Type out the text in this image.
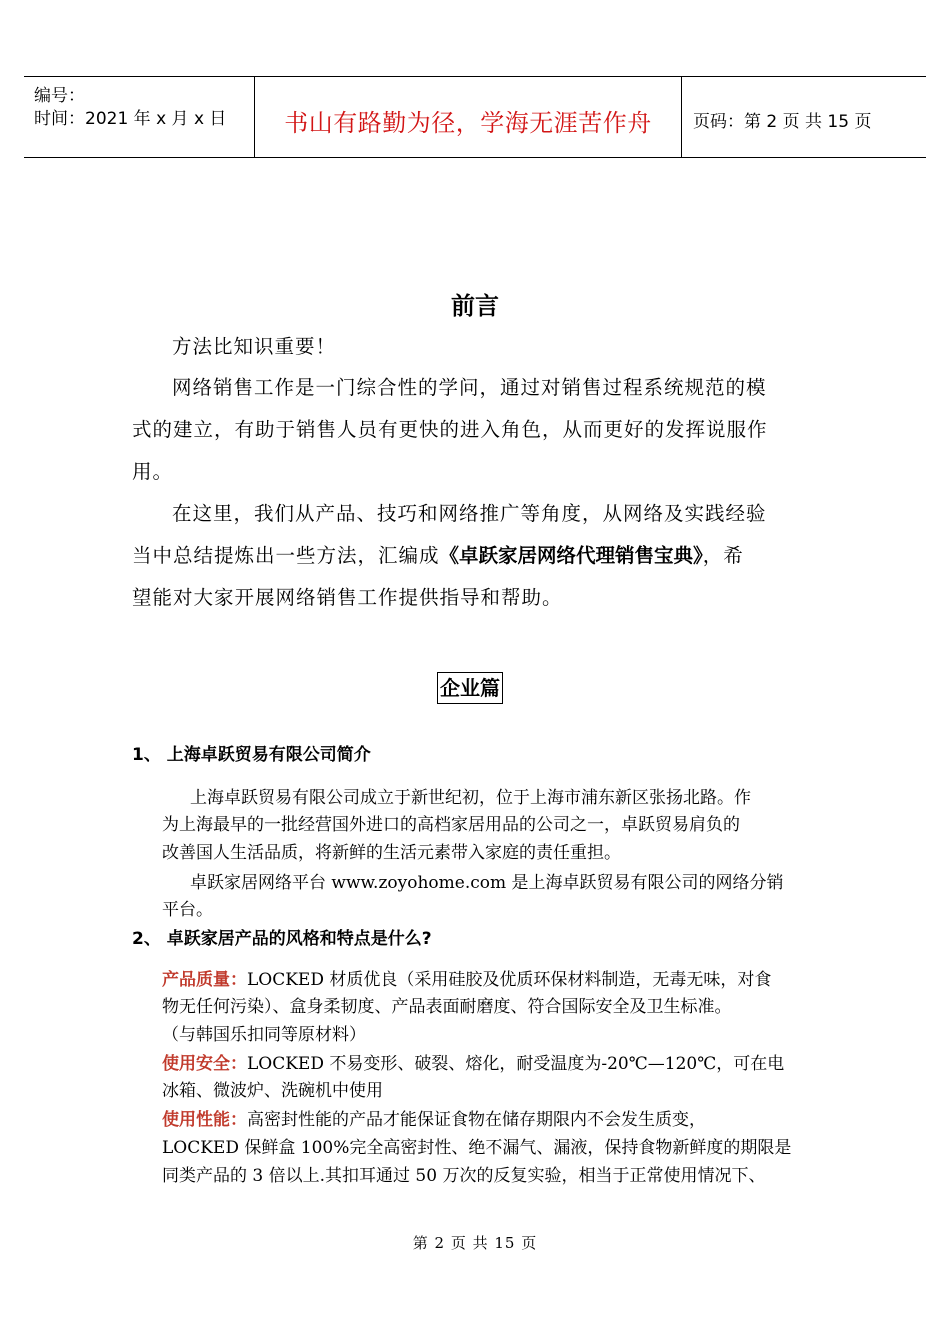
编号：
时间：2021 年 x 月 x 日	书山有路勤为径，学海无涯苦作舟	页码：第 2 页 共 15 页
前言
方法比知识重要！
网络销售工作是一门综合性的学问，通过对销售过程系统规范的模
式的建立，有助于销售人员有更快的进入角色，从而更好的发挥说服作
用。
在这里，我们从产品、技巧和网络推广等角度，从网络及实践经验
当中总结提炼出一些方法，汇编成《卓跃家居网络代理销售宝典》，希
望能对大家开展网络销售工作提供指导和帮助。
企业篇
1、 上海卓跃贸易有限公司简介
上海卓跃贸易有限公司成立于新世纪初，位于上海市浦东新区张扬北路。作
为上海最早的一批经营国外进口的高档家居用品的公司之一，卓跃贸易肩负的
改善国人生活品质，将新鲜的生活元素带入家庭的责任重担。
卓跃家居网络平台 www.zoyohome.com 是上海卓跃贸易有限公司的网络分销
平台。
2、 卓跃家居产品的风格和特点是什么?
产品质量：LOCKED 材质优良（采用硅胶及优质环保材料制造，无毒无味，对食
物无任何污染）、盒身柔韧度、产品表面耐磨度、符合国际安全及卫生标准。
（与韩国乐扣同等原材料）
使用安全：LOCKED 不易变形、破裂、熔化，耐受温度为-20℃—120℃，可在电
冰箱、微波炉、洗碗机中使用
使用性能：高密封性能的产品才能保证食物在储存期限内不会发生质变，
LOCKED 保鲜盒 100%完全高密封性、绝不漏气、漏液，保持食物新鲜度的期限是
同类产品的 3 倍以上.其扣耳通过 50 万次的反复实验，相当于正常使用情况下、
第 2 页 共 15 页
